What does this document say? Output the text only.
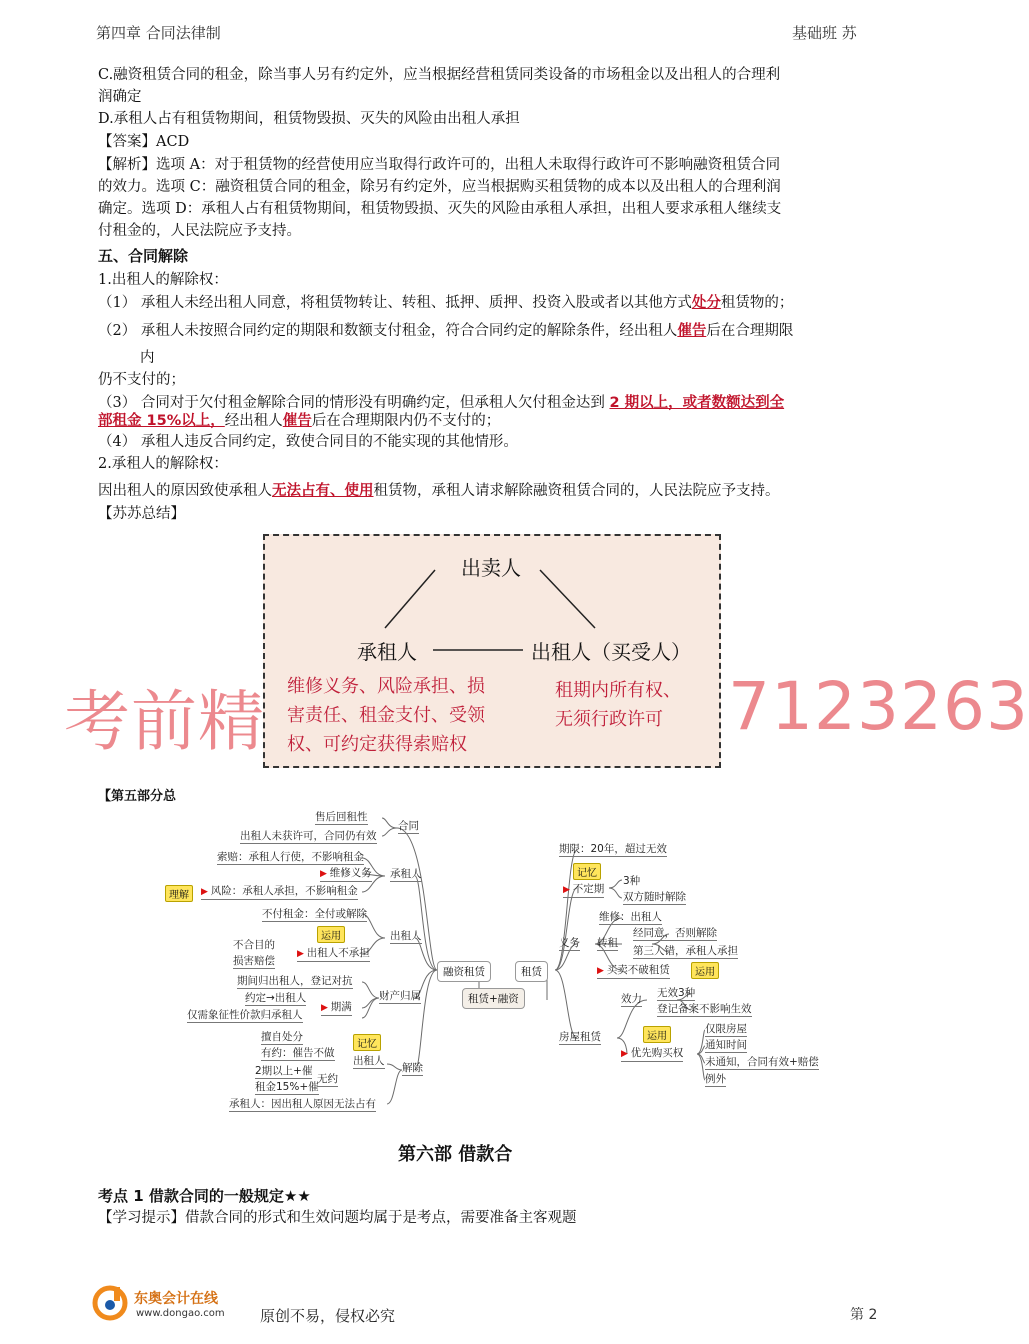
第四章 合同法律制	基础班 苏
C.融资租赁合同的租金，除当事人另有约定外，应当根据经营租赁同类设备的市场租金以及出租人的合理利
润确定
D.承租人占有租赁物期间，租赁物毁损、灭失的风险由出租人承担
【答案】ACD
【解析】选项 A：对于租赁物的经营使用应当取得行政许可的，出租人未取得行政许可不影响融资租赁合同
的效力。选项 C：融资租赁合同的租金，除另有约定外，应当根据购买租赁物的成本以及出租人的合理利润
确定。选项 D：承租人占有租赁物期间，租赁物毁损、灭失的风险由承租人承担，出租人要求承租人继续支
付租金的，人民法院应予支持。
五、合同解除
1.出租人的解除权：
（1） 承租人未经出租人同意，将租赁物转让、转租、抵押、质押、投资入股或者以其他方式处分租赁物的；
（2） 承租人未按照合同约定的期限和数额支付租金，符合合同约定的解除条件，经出租人催告后在合理期限
内
仍不支付的；
（3） 合同对于欠付租金解除合同的情形没有明确约定，但承租人欠付租金达到 2 期以上，或者数额达到全
部租金 15%以上，经出租人催告后在合理期限内仍不支付的；
（4） 承租人违反合同约定，致使合同目的不能实现的其他情形。
2.承租人的解除权：
因出租人的原因致使承租人无法占有、使用租赁物，承租人请求解除融资租赁合同的，人民法院应予支持。
【苏苏总结】
出卖人
承租人	出租人（买受人）
维修义务、风险承担、损
害责任、租金支付、受领
权、可约定获得索赔权
租期内所有权、
无须行政许可
考前精	7123263
【第五部分总
租赁+融资
融资租赁	租赁
合同
承租人
出租人
财产归属
解除
售后回租性
出租人未获许可，合同仍有效
索赔：承租人行使，不影响租金
▶ 维修义务
理解	▶ 风险：承租人承担，不影响租金
不付租金：全付或解除
运用
▶ 出租人不承担
不合目的
损害赔偿
期间归出租人，登记对抗
约定→出租人
▶ 期满
仅需象征性价款归承租人
擅自处分
记忆
有约：催告不做
出租人
2期以上+催
租金15%+催
无约
承租人：因出租人原因无法占有
期限：20年，超过无效
记忆
▶ 不定期
3种
双方随时解除
义务
维修：出租人
转租
经同意，否则解除
第三人错，承租人承担
▶ 买卖不破租赁	运用
房屋租赁
效力 无效3种
登记备案不影响生效
运用
▶ 优先购买权
仅限房屋
通知时间
未通知，合同有效+赔偿
例外
第六部 借款合
考点 1 借款合同的一般规定★★
【学习提示】借款合同的形式和生效问题均属于是考点，需要准备主客观题
东奥会计在线
www.dongao.com 原创不易，侵权必究	第 2
